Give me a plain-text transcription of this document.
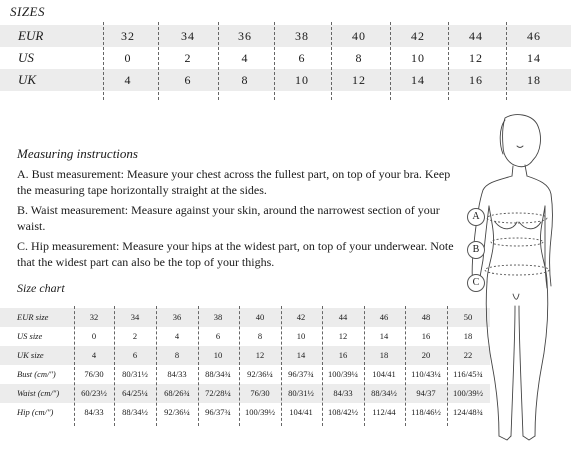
SIZES
EUR	32	34	36	38	40	42	44	46
US	0	2	4	6	8	10	12	14
UK	4	6	8	10	12	14	16	18
Measuring instructions
A. Bust measurement: Measure your chest across the fullest part, on top of your bra. Keep the measuring tape horizontally straight at the sides.
B. Waist measurement: Measure against your skin, around the narrowest section of your waist.
C. Hip measurement: Measure your hips at the widest part, on top of your underwear. Note that the widest part can also be the top of your thighs.
Size chart
EUR size	32	34	36	38	40	42	44	46	48	50
US size	0	2	4	6	8	10	12	14	16	18
UK size	4	6	8	10	12	14	16	18	20	22
Bust (cm/")	76/30	80/31½	84/33	88/34¾	92/36¼	96/37¾	100/39¼	104/41	110/43¼	116/45¾
Waist (cm/")	60/23½	64/25¼	68/26¾	72/28¼	76/30	80/31½	84/33	88/34½	94/37	100/39½
Hip (cm/")	84/33	88/34½	92/36¼	96/37¾	100/39½	104/41	108/42½	112/44	118/46½	124/48¾
A
B
C
